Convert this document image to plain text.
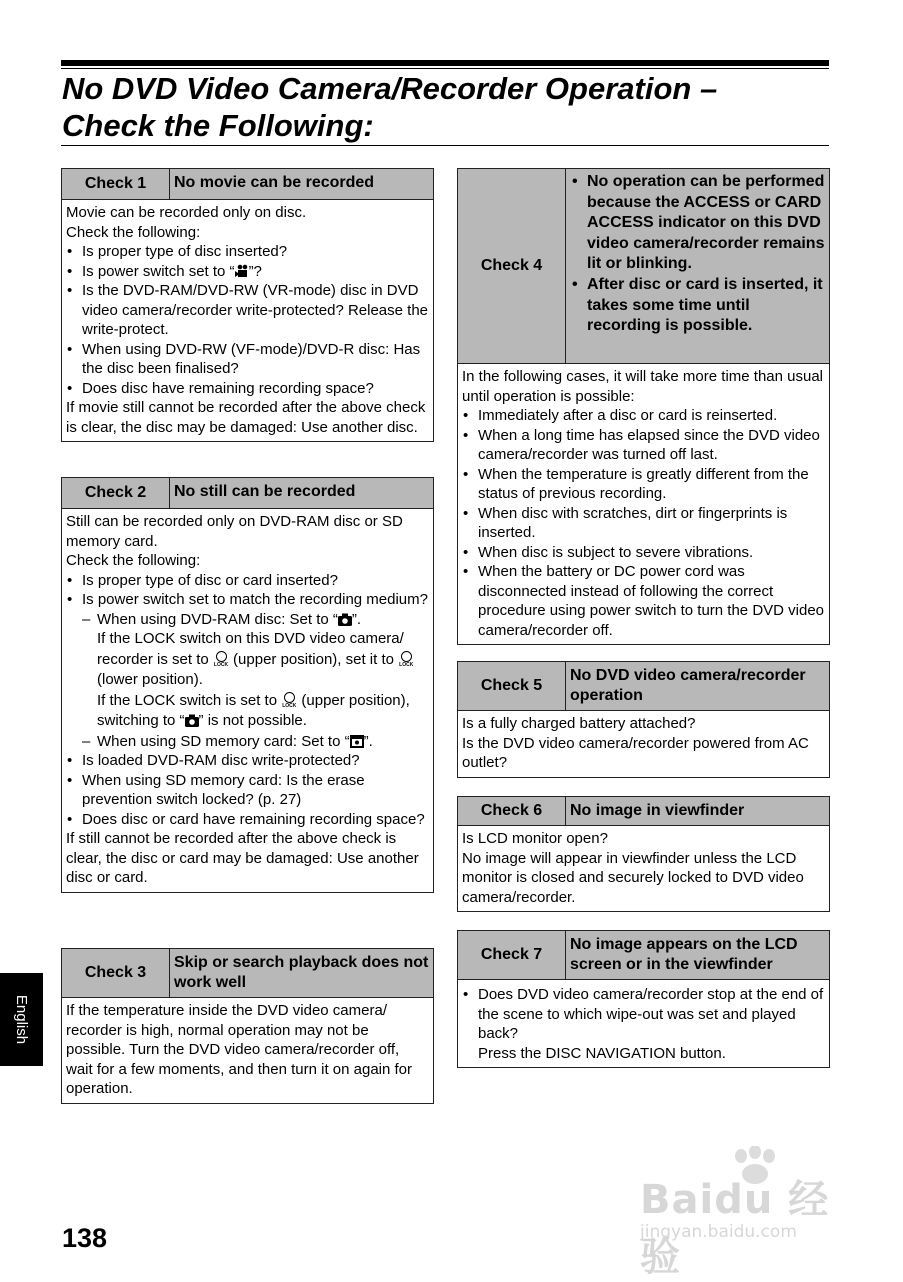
No DVD Video Camera/Recorder Operation –
Check the Following:
Check 1	No movie can be recorded

Movie can be recorded only on disc.

Check the following:

• Is proper type of disc inserted?
• Is power switch set to “ ”?
• Is the DVD-RAM/DVD-RW (VR-mode) disc in DVD video camera/recorder write-protected? Release the write-protect.
• When using DVD-RW (VF-mode)/DVD-R disc: Has the disc been finalised?
• Does disc have remaining recording space?

If movie still cannot be recorded after the above check is clear, the disc may be damaged: Use another disc.

Check 2	No still can be recorded

Still can be recorded only on DVD-RAM disc or SD memory card.

Check the following:

• Is proper type of disc or card inserted?
• Is power switch set to match the recording medium?
– When using DVD-RAM disc: Set to “ ”.

If the LOCK switch on this DVD video camera/ recorder is set to LOCK (upper position), set it to LOCK
(lower position).
If the LOCK switch is set to LOCK (upper position), switching to “ ” is not possible.

– When using SD memory card: Set to “ ”.
• Is loaded DVD-RAM disc write-protected?
• When using SD memory card: Is the erase prevention switch locked? (p. 27)
• Does disc or card have remaining recording space?

If still cannot be recorded after the above check is clear, the disc or card may be damaged: Use another disc or card.

Check 3
Skip or search playback does not work well

If the temperature inside the DVD video camera/ recorder is high, normal operation may not be possible. Turn the DVD video camera/recorder off, wait for a few moments, and then turn it on again for operation.

Check 4
• No operation can be performed because the ACCESS or CARD ACCESS indicator on this DVD video camera/recorder remains lit or blinking.
• After disc or card is inserted, it takes some time until recording is possible.

In the following cases, it will take more time than usual until operation is possible:

• Immediately after a disc or card is reinserted.
• When a long time has elapsed since the DVD video camera/recorder was turned off last.
• When the temperature is greatly different from the status of previous recording.
• When disc with scratches, dirt or fingerprints is inserted.
• When disc is subject to severe vibrations.
• When the battery or DC power cord was disconnected instead of following the correct procedure using power switch to turn the DVD video camera/recorder off.
Check 5
No DVD video camera/recorder operation

Is a fully charged battery attached?

Is the DVD video camera/recorder powered from AC outlet?

Check 6	No image in viewfinder

Is LCD monitor open?

No image will appear in viewfinder unless the LCD monitor is closed and securely locked to DVD video camera/recorder.

Check 7
No image appears on the LCD screen or in the viewfinder
• Does DVD video camera/recorder stop at the end of the scene to which wipe-out was set and played back?
Press the DISC NAVIGATION button.
English
138
Baidu 经验
jingyan.baidu.com
